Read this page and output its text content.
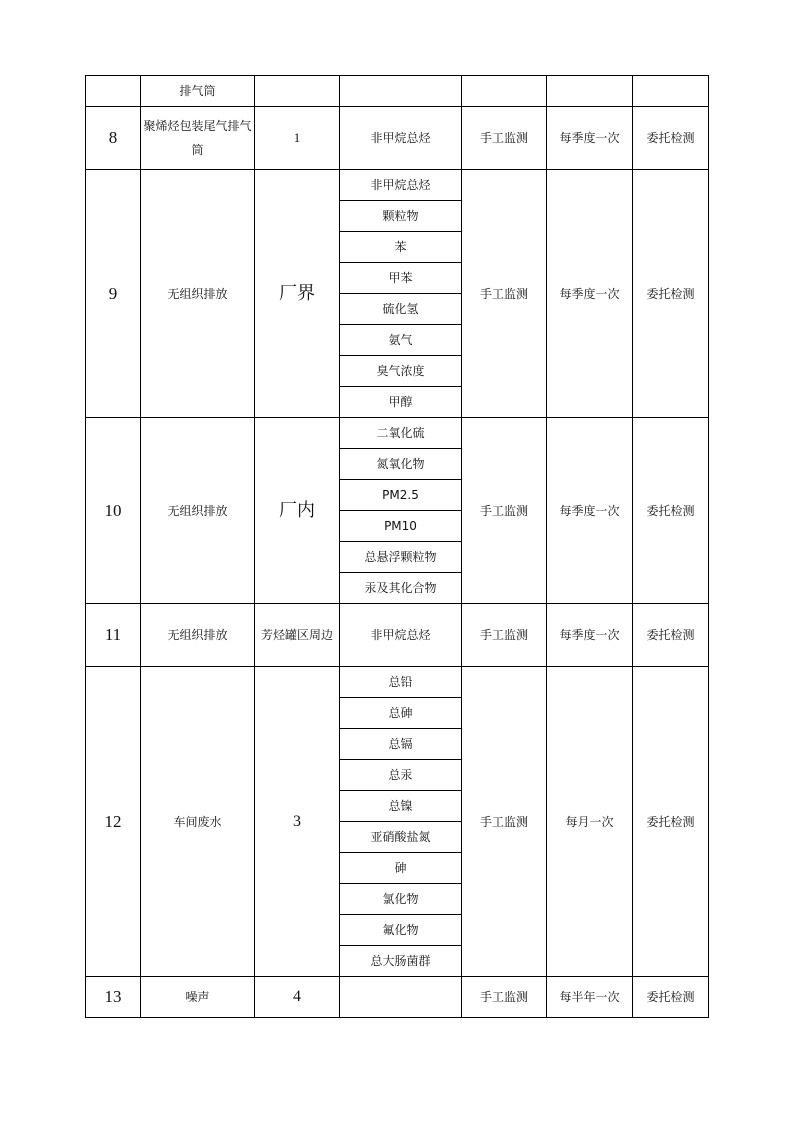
	排气筒					
8	聚烯烃包装尾气排气筒	1	非甲烷总烃	手工监测	每季度一次	委托检测
9	无组织排放	厂界	非甲烷总烃	手工监测	每季度一次	委托检测
			颗粒物			
			苯			
			甲苯			
			硫化氢			
			氨气			
			臭气浓度			
			甲醇			
10	无组织排放	厂内	二氧化硫	手工监测	每季度一次	委托检测
			氮氧化物			
			PM2.5			
			PM10			
			总悬浮颗粒物			
			汞及其化合物			
11	无组织排放	芳烃罐区周边	非甲烷总烃	手工监测	每季度一次	委托检测
12	车间废水	3	总铅	手工监测	每月一次	委托检测
			总砷			
			总镉			
			总汞			
			总镍			
			亚硝酸盐氮			
			砷			
			氯化物			
			氟化物			
			总大肠菌群			
13	噪声	4		手工监测	每半年一次	委托检测
